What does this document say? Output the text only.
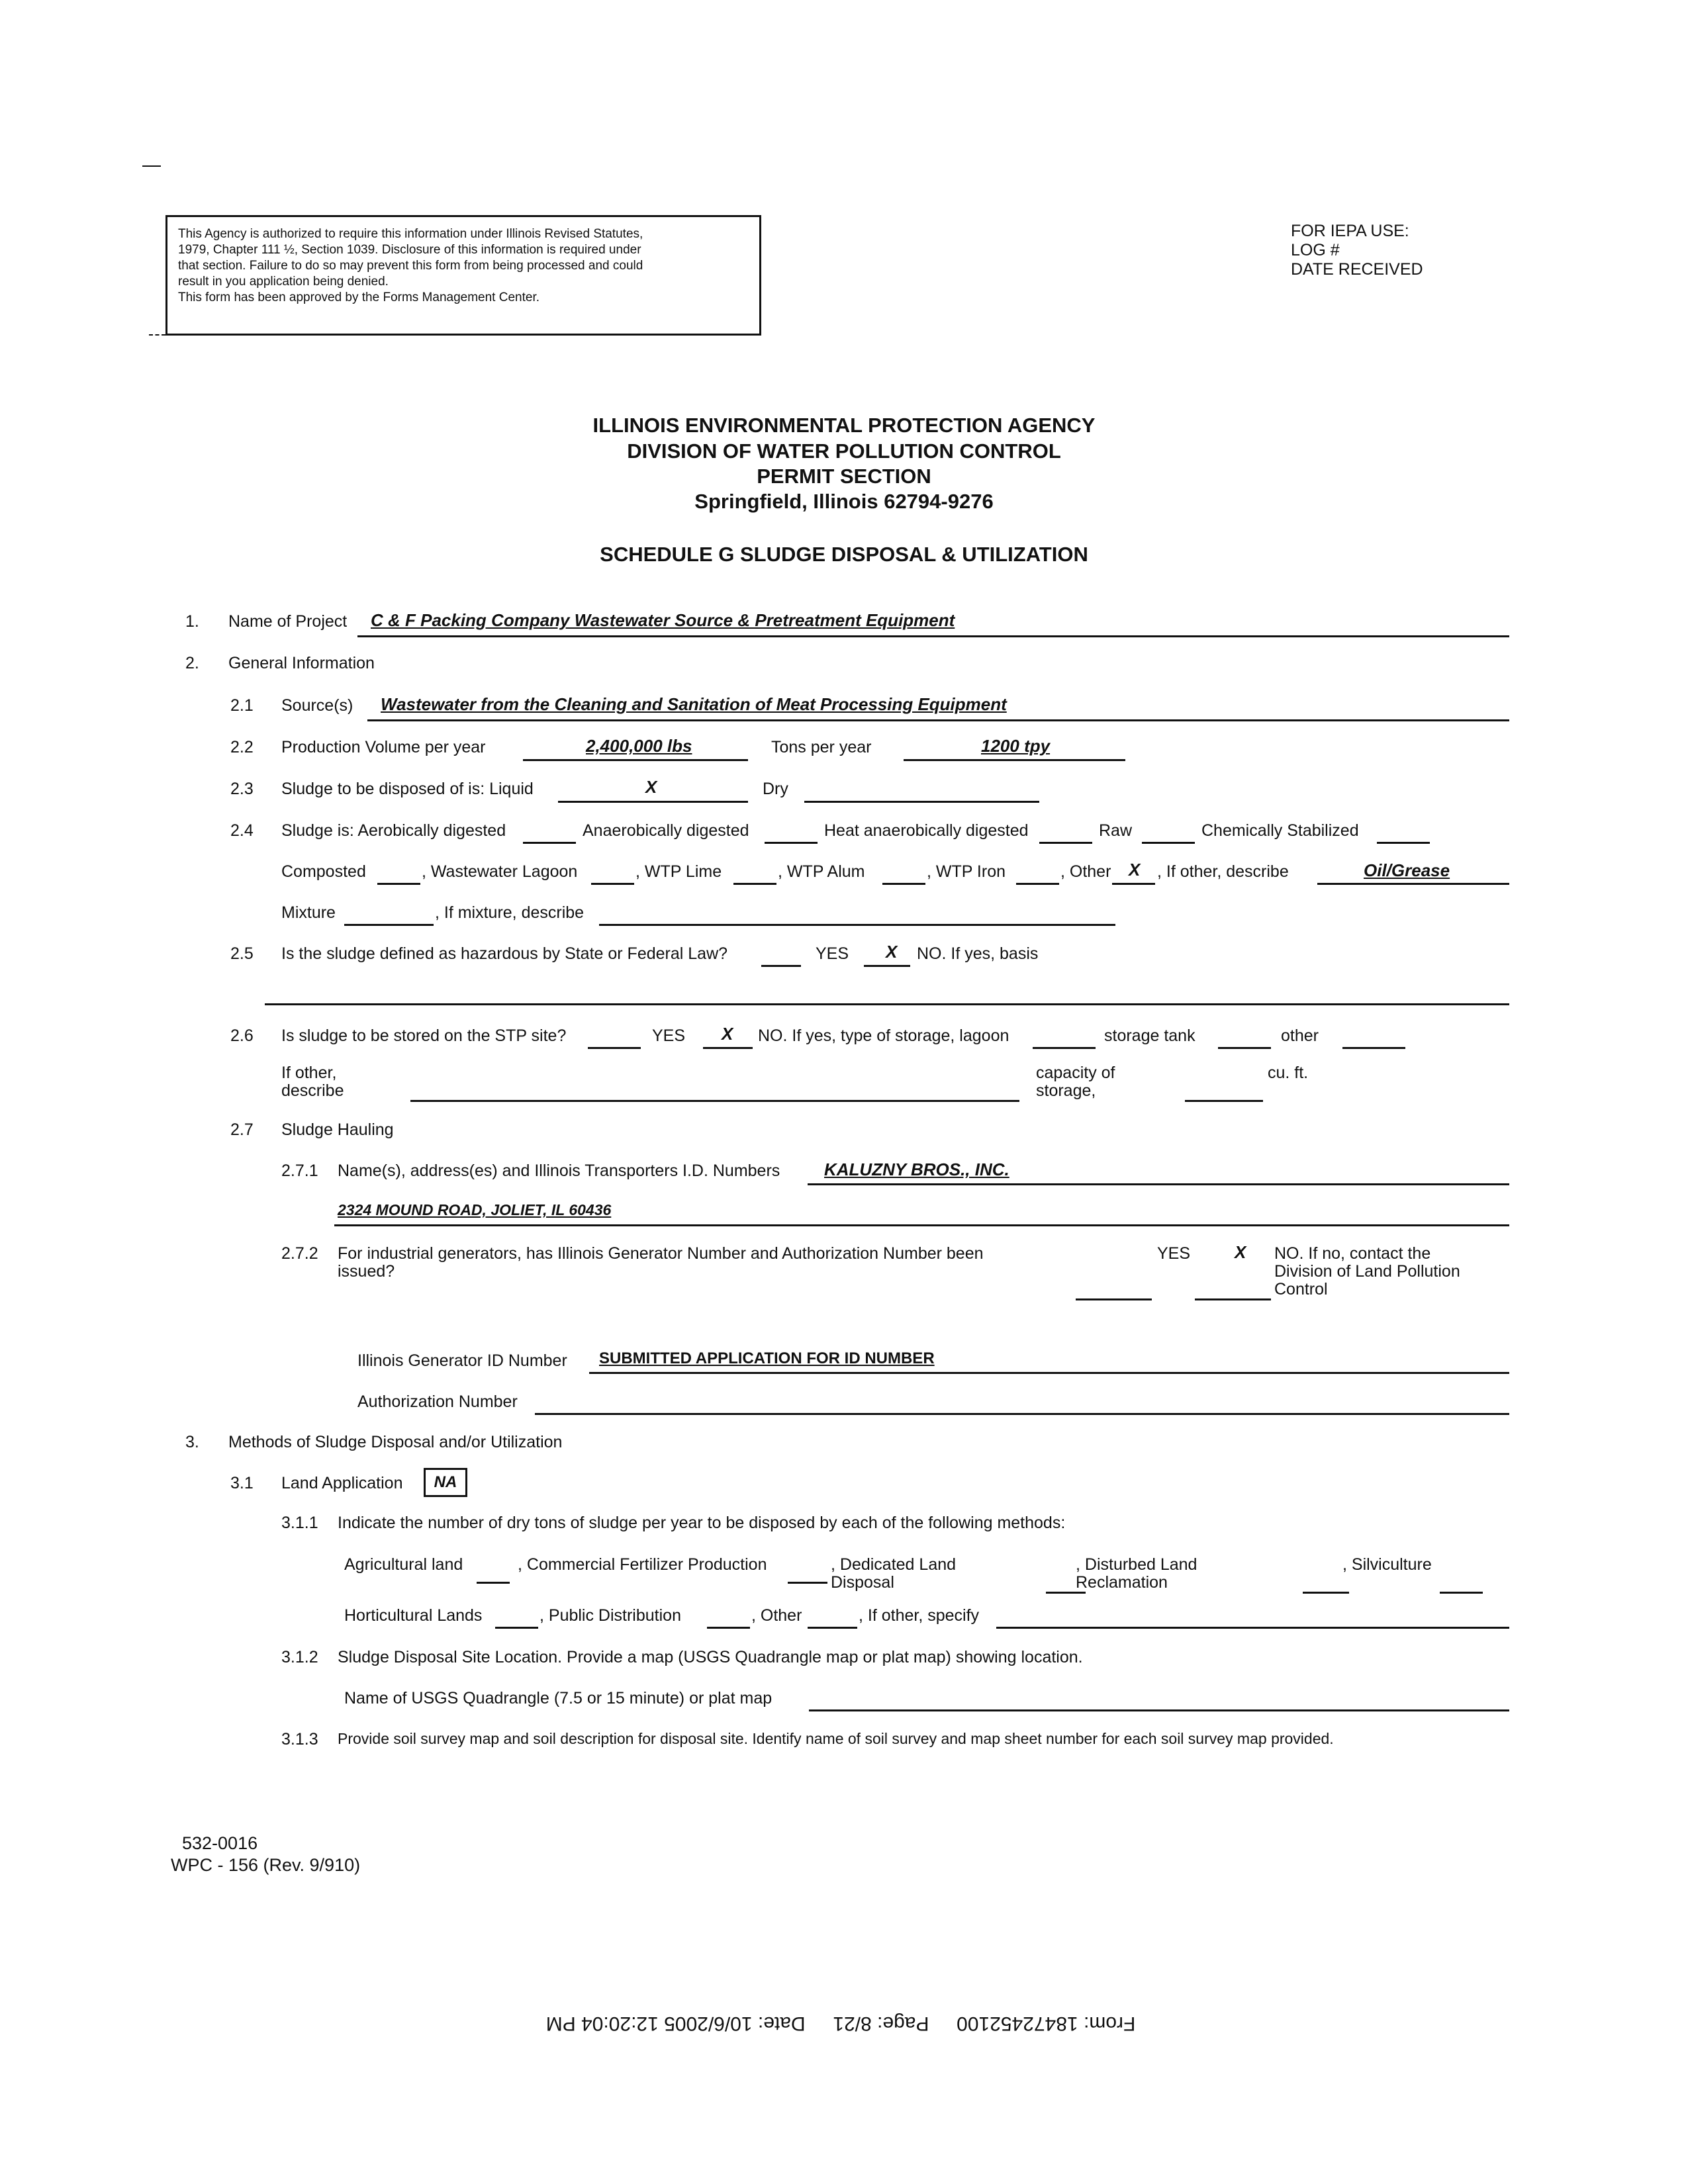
This Agency is authorized to require this information under Illinois Revised Statutes,
1979, Chapter 111 ½, Section 1039. Disclosure of this information is required under
that section. Failure to do so may prevent this form from being processed and could
result in you application being denied.
This form has been approved by the Forms Management Center.
FOR IEPA USE:
LOG #
DATE RECEIVED
ILLINOIS ENVIRONMENTAL PROTECTION AGENCY
DIVISION OF WATER POLLUTION CONTROL
PERMIT SECTION
Springfield, Illinois 62794-9276
SCHEDULE G SLUDGE DISPOSAL & UTILIZATION
1. Name of Project C & F Packing Company Wastewater Source & Pretreatment Equipment
2. General Information
2.1 Source(s) Wastewater from the Cleaning and Sanitation of Meat Processing Equipment
2.2 Production Volume per year	2,400,000 lbs	Tons per year	1200 tpy
2.3 Sludge to be disposed of is: Liquid	X	Dry
2.4 Sludge is: Aerobically digested	Anaerobically digested	Heat anaerobically digested	Raw	Chemically Stabilized
Composted	, Wastewater Lagoon	, WTP Lime	, WTP Alum	, WTP Iron	, Other X , If other, describe	Oil/Grease
Mixture	, If mixture, describe
2.5 Is the sludge defined as hazardous by State or Federal Law?	YES X NO. If yes, basis
2.6 Is sludge to be stored on the STP site?	YES X NO. If yes, type of storage, lagoon	storage tank	other
If other,
describe
capacity of
storage,
cu. ft.
2.7 Sludge Hauling
2.7.1 Name(s), address(es) and Illinois Transporters I.D. Numbers	KALUZNY BROS., INC.
2324 MOUND ROAD, JOLIET, IL 60436
2.7.2 For industrial generators, has Illinois Generator Number and Authorization Number been
issued?
YES	X NO. If no, contact the
Division of Land Pollution
Control
Illinois Generator ID Number SUBMITTED APPLICATION FOR ID NUMBER
Authorization Number
3. Methods of Sludge Disposal and/or Utilization
3.1 Land Application	NA
3.1.1 Indicate the number of dry tons of sludge per year to be disposed by each of the following methods:
Agricultural land	, Commercial Fertilizer Production	, Dedicated Land
Disposal
, Disturbed Land
Reclamation
, Silviculture
Horticultural Lands	, Public Distribution	, Other	, If other, specify
3.1.2 Sludge Disposal Site Location. Provide a map (USGS Quadrangle map or plat map) showing location.
Name of USGS Quadrangle (7.5 or 15 minute) or plat map
3.1.3 Provide soil survey map and soil description for disposal site. Identify name of soil survey and map sheet number for each soil survey map provided.
532-0016
WPC - 156 (Rev. 9/910)
From: 18472452100     Page: 8/21     Date: 10/6/2005 12:20:04 PM
